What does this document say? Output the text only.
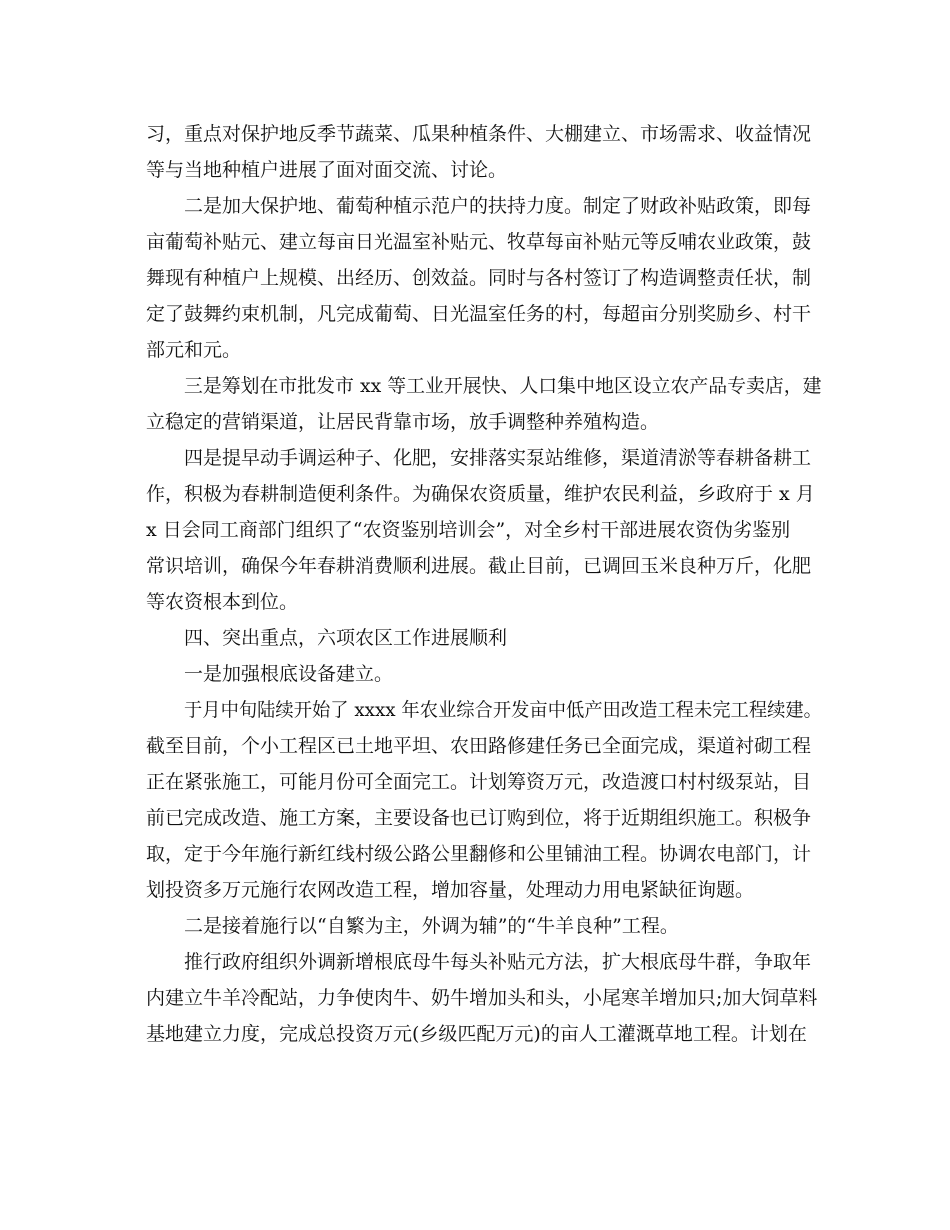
习，重点对保护地反季节蔬菜、瓜果种植条件、大棚建立、市场需求、收益情况
等与当地种植户进展了面对面交流、讨论。
二是加大保护地、葡萄种植示范户的扶持力度。制定了财政补贴政策，即每
亩葡萄补贴元、建立每亩日光温室补贴元、牧草每亩补贴元等反哺农业政策，鼓
舞现有种植户上规模、出经历、创效益。同时与各村签订了构造调整责任状，制
定了鼓舞约束机制，凡完成葡萄、日光温室任务的村，每超亩分别奖励乡、村干
部元和元。
三是筹划在市批发市 xx 等工业开展快、人口集中地区设立农产品专卖店，建
立稳定的营销渠道，让居民背靠市场，放手调整种养殖构造。
四是提早动手调运种子、化肥，安排落实泵站维修，渠道清淤等春耕备耕工
作，积极为春耕制造便利条件。为确保农资质量，维护农民利益，乡政府于 x 月
x 日会同工商部门组织了“农资鉴别培训会”，对全乡村干部进展农资伪劣鉴别
常识培训，确保今年春耕消费顺利进展。截止目前，已调回玉米良种万斤，化肥
等农资根本到位。
四、突出重点，六项农区工作进展顺利
一是加强根底设备建立。
于月中旬陆续开始了 xxxx 年农业综合开发亩中低产田改造工程未完工程续建。
截至目前，个小工程区已土地平坦、农田路修建任务已全面完成，渠道衬砌工程
正在紧张施工，可能月份可全面完工。计划筹资万元，改造渡口村村级泵站，目
前已完成改造、施工方案，主要设备也已订购到位，将于近期组织施工。积极争
取，定于今年施行新红线村级公路公里翻修和公里铺油工程。协调农电部门，计
划投资多万元施行农网改造工程，增加容量，处理动力用电紧缺征询题。
二是接着施行以“自繁为主，外调为辅”的“牛羊良种”工程。
推行政府组织外调新增根底母牛每头补贴元方法，扩大根底母牛群，争取年
内建立牛羊冷配站，力争使肉牛、奶牛增加头和头，小尾寒羊增加只;加大饲草料
基地建立力度，完成总投资万元(乡级匹配万元)的亩人工灌溉草地工程。计划在
